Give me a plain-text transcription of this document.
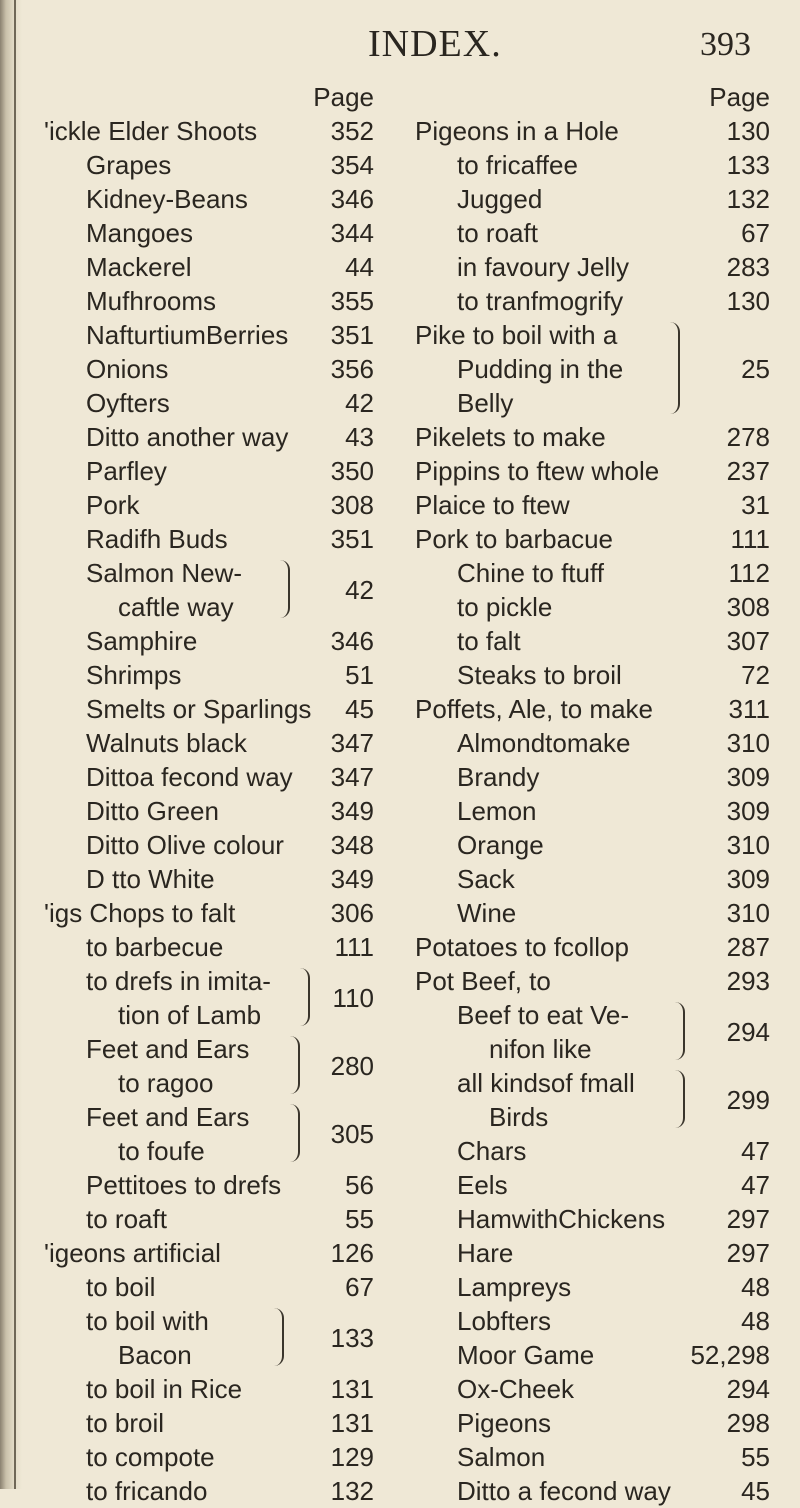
INDEX.	393
Page
'ickle Elder Shoots	352
Grapes	354
Kidney-Beans	346
Mangoes	344
Mackerel	44
Mufhrooms	355
NafturtiumBerries 351
Onions	356
Oyfters	42
Ditto another way 43
Parfley	350
Pork	308
Radifh Buds	351
Salmon New-
caftle way
42
Samphire	346
Shrimps	51
Smelts or Sparlings 45
Walnuts black	347
Dittoa fecond way 347
Ditto Green	349
Ditto Olive colour 348
D tto White	349
'igs Chops to falt	306
to barbecue	111
to drefs in imita-
tion of Lamb
110
Feet and Ears
to ragoo
280
Feet and Ears
to foufe
305
Pettitoes to drefs 56
to roaft	55
'igeons artificial	126
to boil	67
to boil with
Bacon
133
to boil in Rice	131
to broil	131
to compote	129
to fricando	132
Page
Pigeons in a Hole	130
to fricaffee	133
Jugged	132
to roaft	67
in favoury Jelly	283
to tranfmogrify	130
Pike to boil with a
Pudding in the
Belly
25
Pikelets to make	278
Pippins to ftew whole	237
Plaice to ftew	31
Pork to barbacue	111
Chine to ftuff	112
to pickle	308
to falt	307
Steaks to broil	72
Poffets, Ale, to make	311
Almondtomake	310
Brandy	309
Lemon	309
Orange	310
Sack	309
Wine	310
Potatoes to fcollop	287
Pot Beef, to	293
Beef to eat Ve-
nifon like
294
all kindsof fmall
Birds
299
Chars	47
Eels	47
HamwithChickens 297
Hare	297
Lampreys	48
Lobfters	48
Moor Game	52,298
Ox-Cheek	294
Pigeons	298
Salmon	55
Ditto a fecond way	45
